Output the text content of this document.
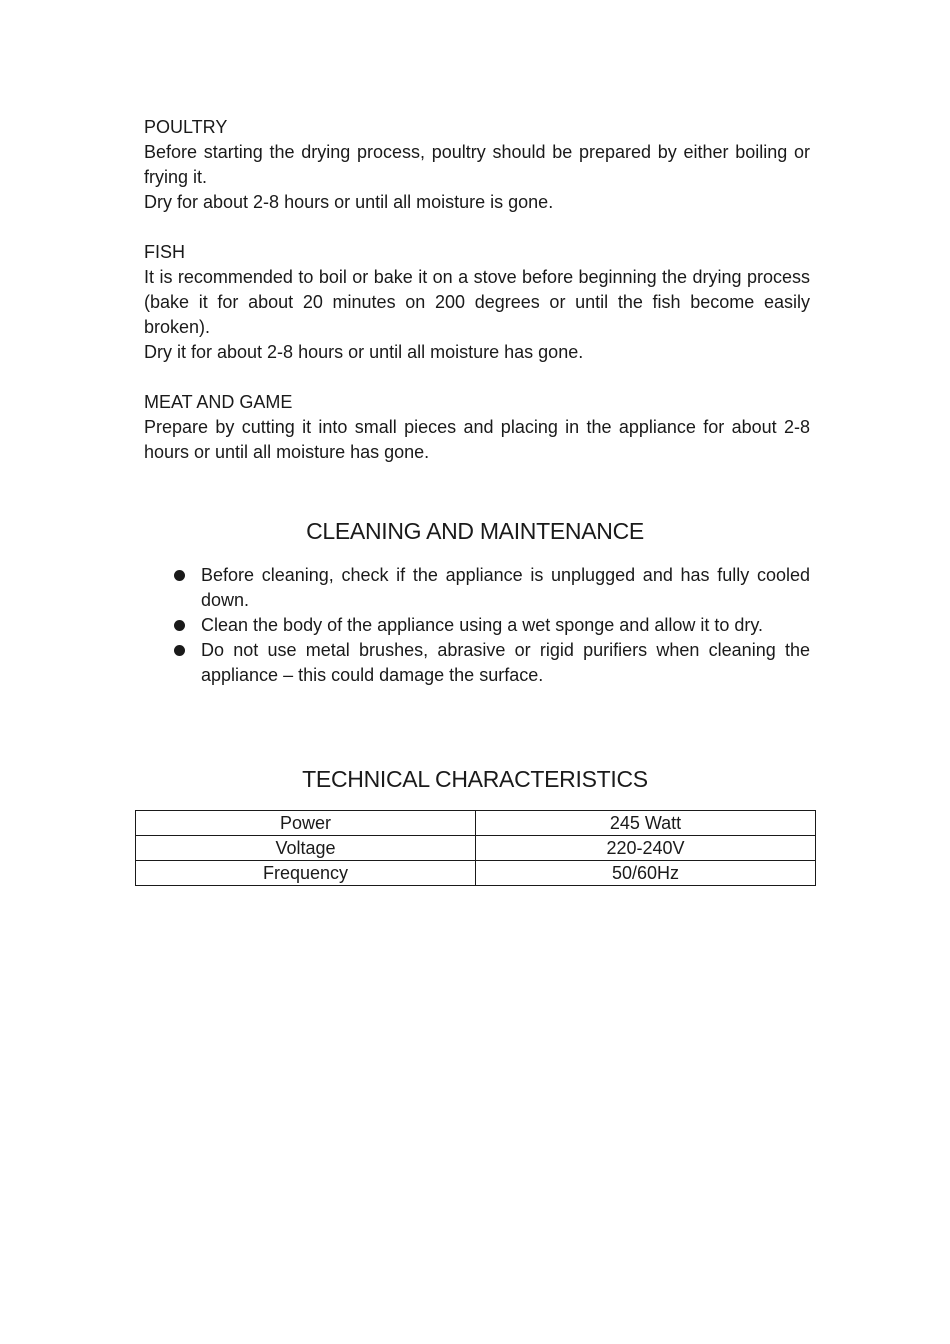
POULTRY

Before starting the drying process, poultry should be prepared by either boiling or frying it.

Dry for about 2-8 hours or until all moisture is gone.

FISH

It is recommended to boil or bake it on a stove before beginning the drying process (bake it for about 20 minutes on 200 degrees or until the fish become easily broken).

Dry it for about 2-8 hours or until all moisture has gone.

MEAT AND GAME

Prepare by cutting it into small pieces and placing in the appliance for about 2-8 hours or until all moisture has gone.

CLEANING AND MAINTENANCE
Before cleaning, check if the appliance is unplugged and has fully cooled down.
Clean the body of the appliance using a wet sponge and allow it to dry.
Do not use metal brushes, abrasive or rigid purifiers when cleaning the appliance – this could damage the surface.
TECHNICAL CHARACTERISTICS
Power	245 Watt
Voltage	220-240V
Frequency	50/60Hz
